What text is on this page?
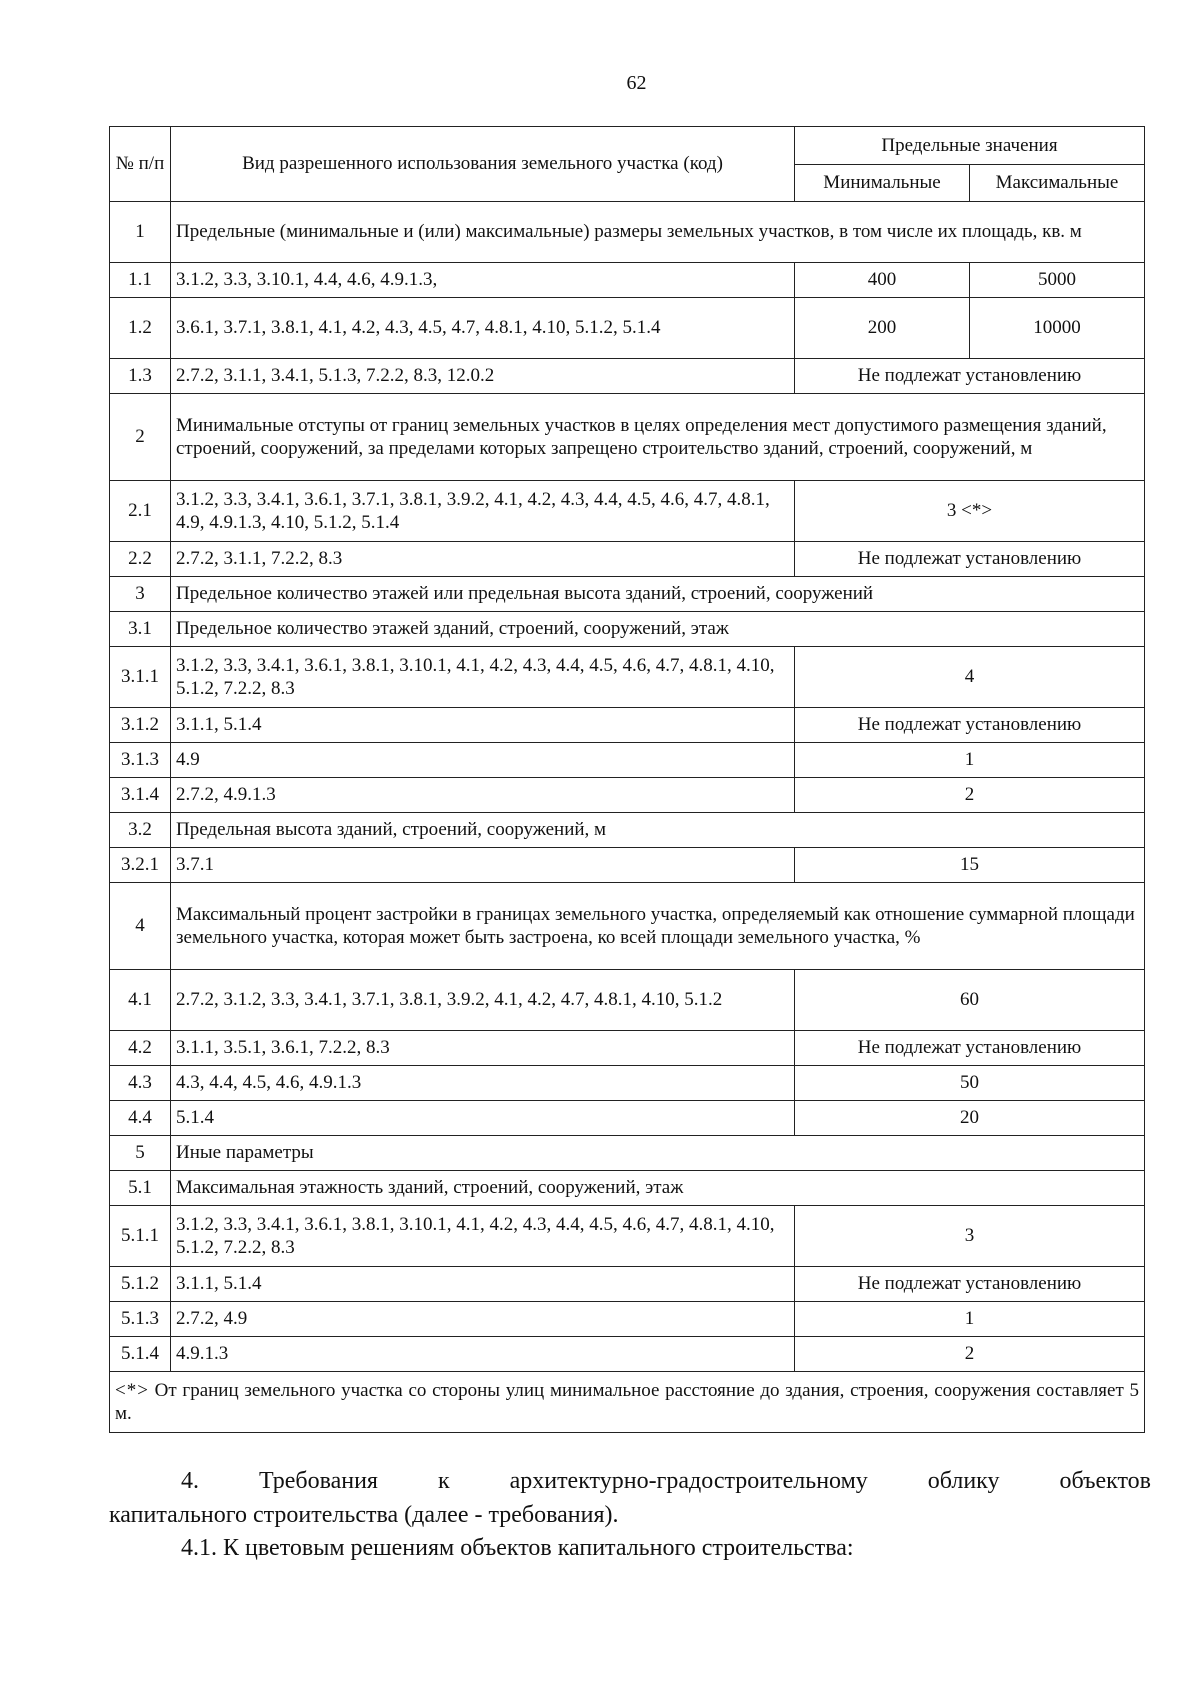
62
№ п/п	Вид разрешенного использования земельного участка (код)	Предельные значения	
		Минимальные	Максимальные
1	Предельные (минимальные и (или) максимальные) размеры земельных участков, в том числе их площадь, кв. м		
1.1	3.1.2, 3.3, 3.10.1, 4.4, 4.6, 4.9.1.3,	400	5000
1.2	3.6.1, 3.7.1, 3.8.1, 4.1, 4.2, 4.3, 4.5, 4.7, 4.8.1, 4.10, 5.1.2, 5.1.4	200	10000
1.3	2.7.2, 3.1.1, 3.4.1, 5.1.3, 7.2.2, 8.3, 12.0.2	Не подлежат установлению	
2	Минимальные отступы от границ земельных участков в целях определения мест допустимого размещения зданий, строений, сооружений, за пределами которых запрещено строительство зданий, строений, сооружений, м		
2.1	3.1.2, 3.3, 3.4.1, 3.6.1, 3.7.1, 3.8.1, 3.9.2, 4.1, 4.2, 4.3, 4.4, 4.5, 4.6, 4.7, 4.8.1, 4.9, 4.9.1.3, 4.10, 5.1.2, 5.1.4	3 <*>	
2.2	2.7.2, 3.1.1, 7.2.2, 8.3	Не подлежат установлению	
3	Предельное количество этажей или предельная высота зданий, строений, сооружений		
3.1	Предельное количество этажей зданий, строений, сооружений, этаж		
3.1.1	3.1.2, 3.3, 3.4.1, 3.6.1, 3.8.1, 3.10.1, 4.1, 4.2, 4.3, 4.4, 4.5, 4.6, 4.7, 4.8.1, 4.10, 5.1.2, 7.2.2, 8.3	4	
3.1.2	3.1.1, 5.1.4	Не подлежат установлению	
3.1.3	4.9	1	
3.1.4	2.7.2, 4.9.1.3	2	
3.2	Предельная высота зданий, строений, сооружений, м		
3.2.1	3.7.1	15	
4	Максимальный процент застройки в границах земельного участка, определяемый как отношение суммарной площади земельного участка, которая может быть застроена, ко всей площади земельного участка, %		
4.1	2.7.2, 3.1.2, 3.3, 3.4.1, 3.7.1, 3.8.1, 3.9.2, 4.1, 4.2, 4.7, 4.8.1, 4.10, 5.1.2	60	
4.2	3.1.1, 3.5.1, 3.6.1, 7.2.2, 8.3	Не подлежат установлению	
4.3	4.3, 4.4, 4.5, 4.6, 4.9.1.3	50	
4.4	5.1.4	20	
5	Иные параметры		
5.1	Максимальная этажность зданий, строений, сооружений, этаж		
5.1.1	3.1.2, 3.3, 3.4.1, 3.6.1, 3.8.1, 3.10.1, 4.1, 4.2, 4.3, 4.4, 4.5, 4.6, 4.7, 4.8.1, 4.10, 5.1.2, 7.2.2, 8.3	3	
5.1.2	3.1.1, 5.1.4	Не подлежат установлению	
5.1.3	2.7.2, 4.9	1	
5.1.4	4.9.1.3	2	
<*> От границ земельного участка со стороны улиц минимальное расстояние до здания, строения, сооружения составляет 5 м.			
4. Требования к архитектурно-градостроительному облику объектов
капитального строительства (далее - требования).
4.1. К цветовым решениям объектов капитального строительства:
